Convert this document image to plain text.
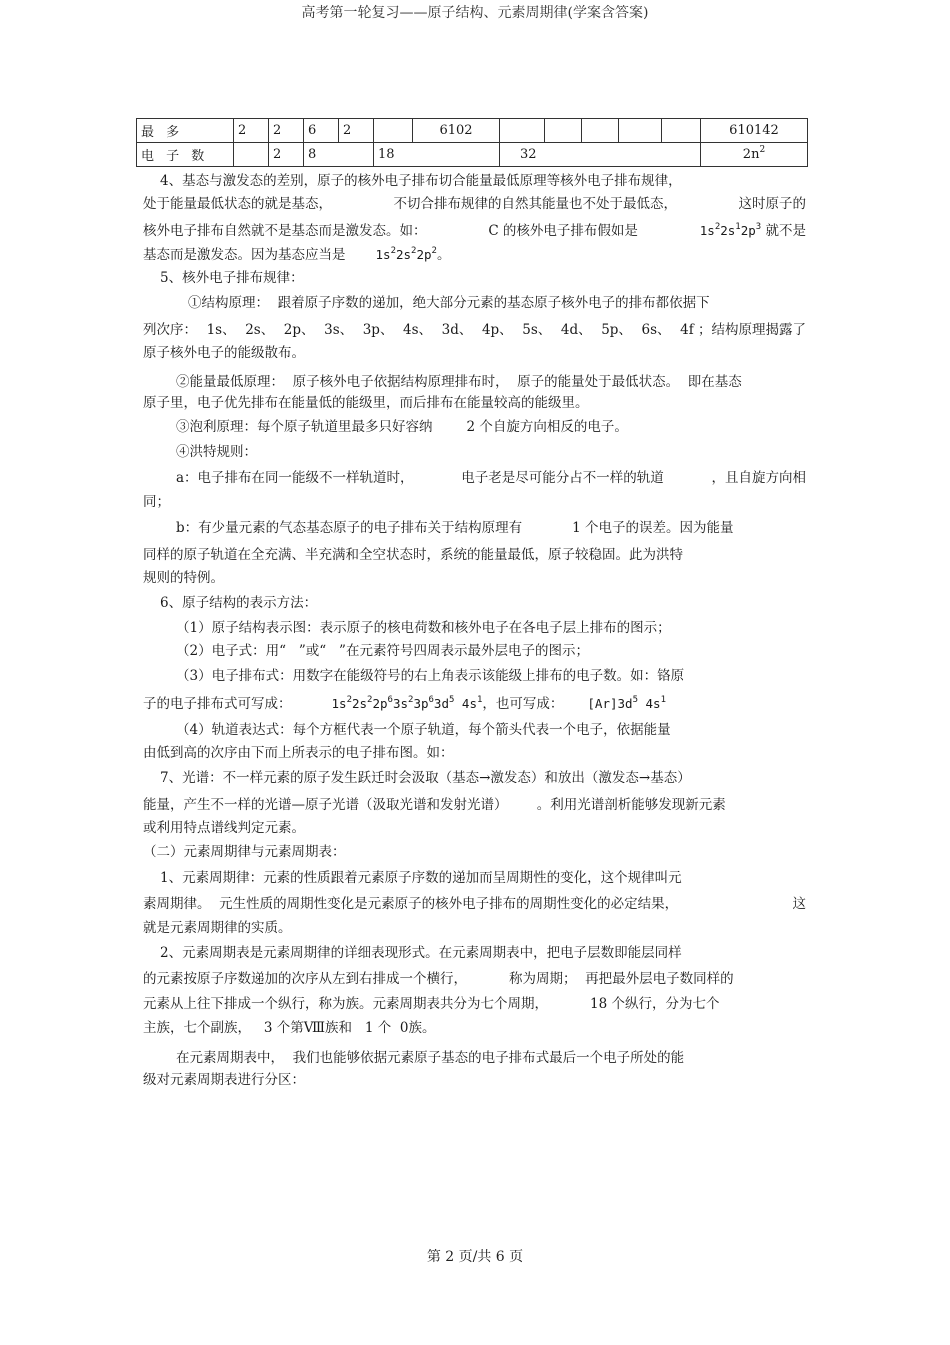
高考第一轮复习——原子结构、元素周期律(学案含答案)
最 多	2	2	6	2		6102						610142
电 子 数		2	8		18		32					$2n^2$
4、基态与激发态的差别，原子的核外电子排布切合能量最低原理等核外电子排布规律，
处于能量最低状态的就是基态，	不切合排布规律的自然其能量也不处于最低态，	这时原子的
核外电子排布自然就不是基态而是激发态。如：	C 的核外电子排布假如是	$1s^22s^12p^3$ 就不是
基态而是激发态。因为基态应当是 $1s^22s^22p^2$。
5、核外电子排布规律：
①结构原理：  跟着原子序数的递加，绝大部分元素的基态原子核外电子的排布都依据下
列次序： 1s、 2s、 2p、 3s、 3p、 4s、 3d、 4p、 5s、 4d、 5p、 6s、 4f ；结构原理揭露了
原子核外电子的能级散布。
②能量最低原理：  原子核外电子依据结构原理排布时，  原子的能量处于最低状态。  即在基态
原子里，电子优先排布在能量低的能级里，而后排布在能量较高的能级里。
③泡利原理：每个原子轨道里最多只好容纳	2 个自旋方向相反的电子。
④洪特规则：
a：电子排布在同一能级不一样轨道时，	电子老是尽可能分占不一样的轨道	，且自旋方向相
同；
b：有少量元素的气态基态原子的电子排布关于结构原理有	1 个电子的误差。因为能量
同样的原子轨道在全充满、半充满和全空状态时，系统的能量最低，原子较稳固。此为洪特
规则的特例。
6、原子结构的表示方法：
（1）原子结构表示图：表示原子的核电荷数和核外电子在各电子层上排布的图示；
（2）电子式：用“   ”或“   ”在元素符号四周表示最外层电子的图示；
（3）电子排布式：用数字在能级符号的右上角表示该能级上排布的电子数。如：铬原
子的电子排布式可写成：	$1s^22s^22p^63s^23p^63d^5$ $4s^1$，也可写成： $[Ar]3d^5$ $4s^1$
（4）轨道表达式：每个方框代表一个原子轨道，每个箭头代表一个电子，依据能量
由低到高的次序由下而上所表示的电子排布图。如：
7、光谱：不一样元素的原子发生跃迁时会汲取（基态→激发态）和放出（激发态→基态）
能量，产生不一样的光谱—原子光谱（汲取光谱和发射光谱）	。利用光谱剖析能够发现新元素
或利用特点谱线判定元素。
（二）元素周期律与元素周期表：
1、元素周期律：元素的性质跟着元素原子序数的递加而呈周期性的变化，这个规律叫元
素周期律。  元生性质的周期性变化是元素原子的核外电子排布的周期性变化的必定结果，	这
就是元素周期律的实质。
2、元素周期表是元素周期律的详细表现形式。在元素周期表中，把电子层数即能层同样
的元素按原子序数递加的次序从左到右排成一个横行，	称为周期；  再把最外层电子数同样的
元素从上往下排成一个纵行，称为族。元素周期表共分为七个周期，	18 个纵行，分为七个
主族，七个副族，   3 个第Ⅷ族和   1 个  0族。
在元素周期表中，  我们也能够依据元素原子基态的电子排布式最后一个电子所处的能
级对元素周期表进行分区：
第 2 页/共 6 页
